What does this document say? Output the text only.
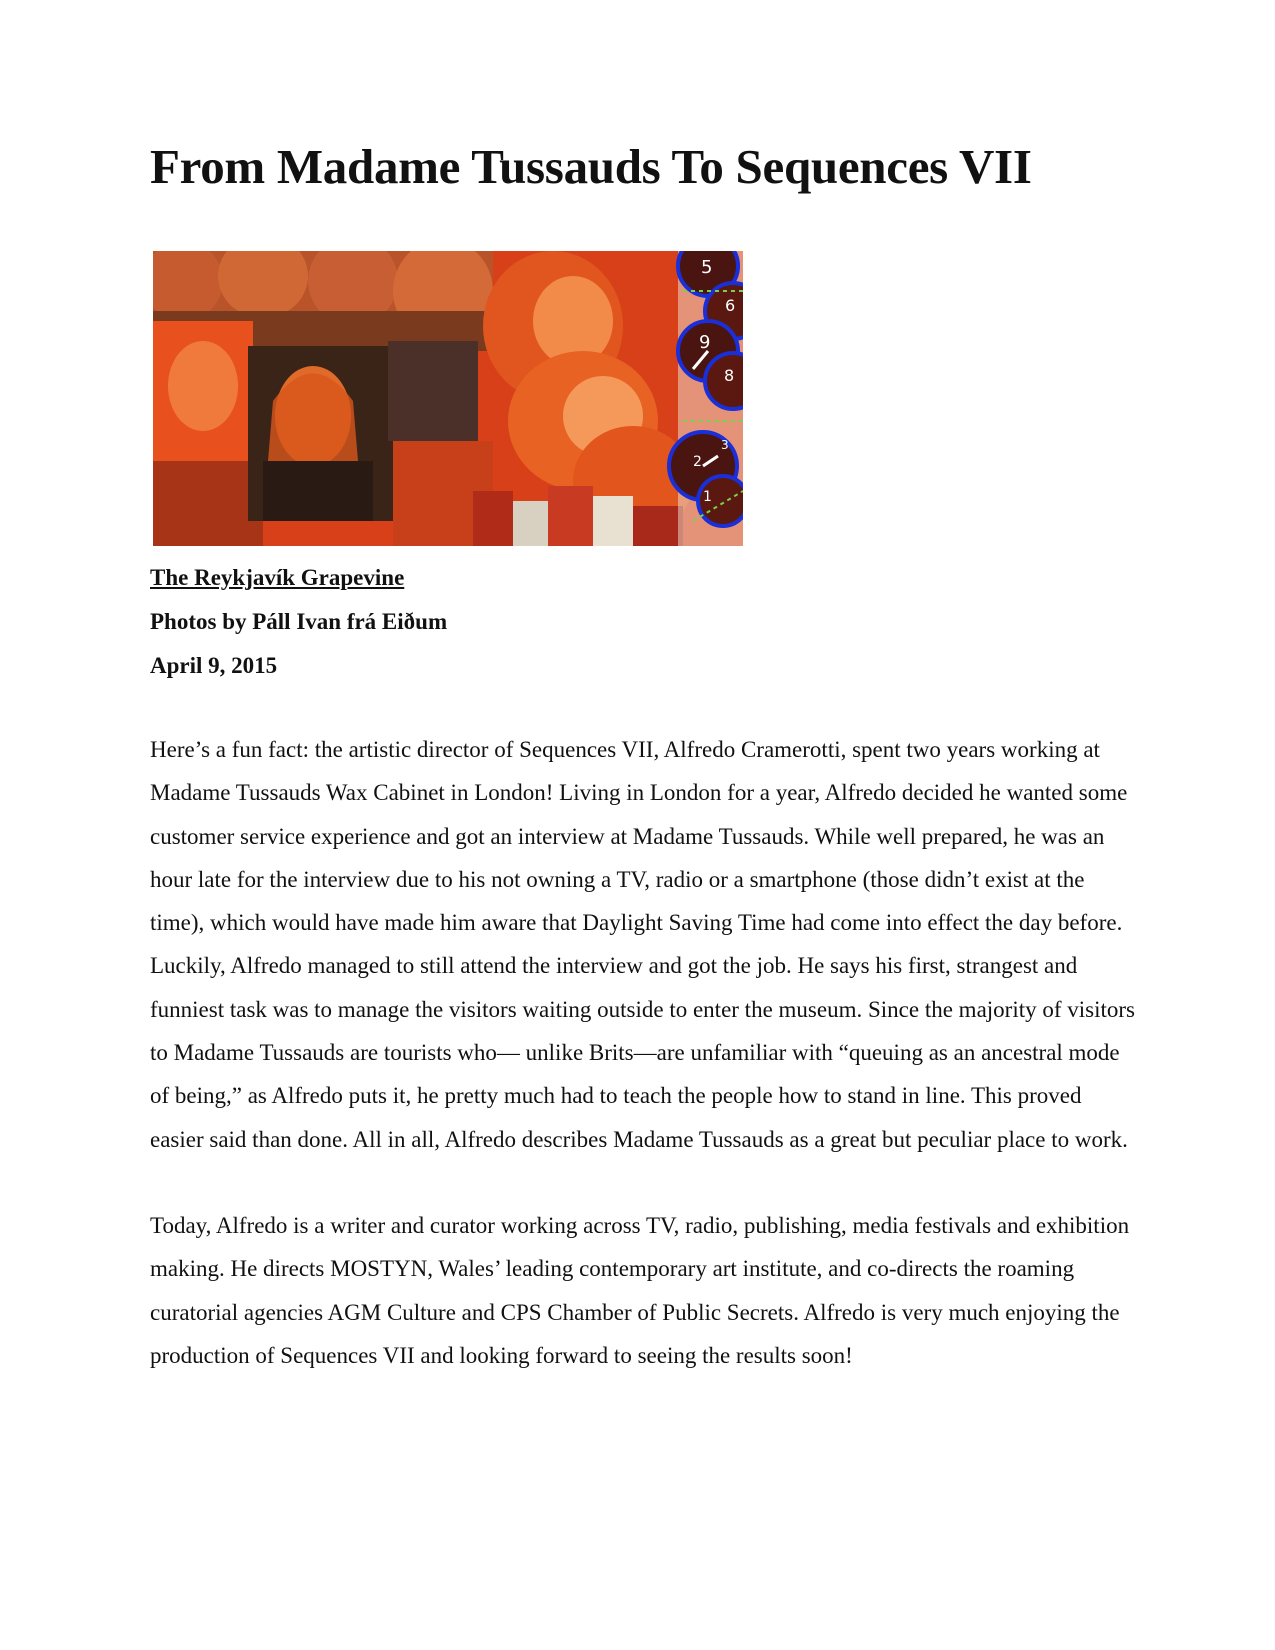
From Madame Tussauds To Sequences VII
5
6
9
8
2
3
1
The Reykjavík Grapevine
Photos by Páll Ivan frá Eiðum
April 9, 2015

Here’s a fun fact: the artistic director of Sequences VII, Alfredo Cramerotti, spent two years working at Madame Tussauds Wax Cabinet in London! Living in London for a year, Alfredo decided he wanted some customer service experience and got an interview at Madame Tussauds. While well prepared, he was an hour late for the interview due to his not owning a TV, radio or a smartphone (those didn’t exist at the time), which would have made him aware that Daylight Saving Time had come into effect the day before. Luckily, Alfredo managed to still attend the interview and got the job. He says his first, strangest and funniest task was to manage the visitors waiting outside to enter the museum. Since the majority of visitors to Madame Tussauds are tourists who— unlike Brits—are unfamiliar with “queuing as an ancestral mode of being,” as Alfredo puts it, he pretty much had to teach the people how to stand in line. This proved easier said than done. All in all, Alfredo describes Madame Tussauds as a great but peculiar place to work.

Today, Alfredo is a writer and curator working across TV, radio, publishing, media festivals and exhibition making. He directs MOSTYN, Wales’ leading contemporary art institute, and co-directs the roaming curatorial agencies AGM Culture and CPS Chamber of Public Secrets. Alfredo is very much enjoying the production of Sequences VII and looking forward to seeing the results soon!
